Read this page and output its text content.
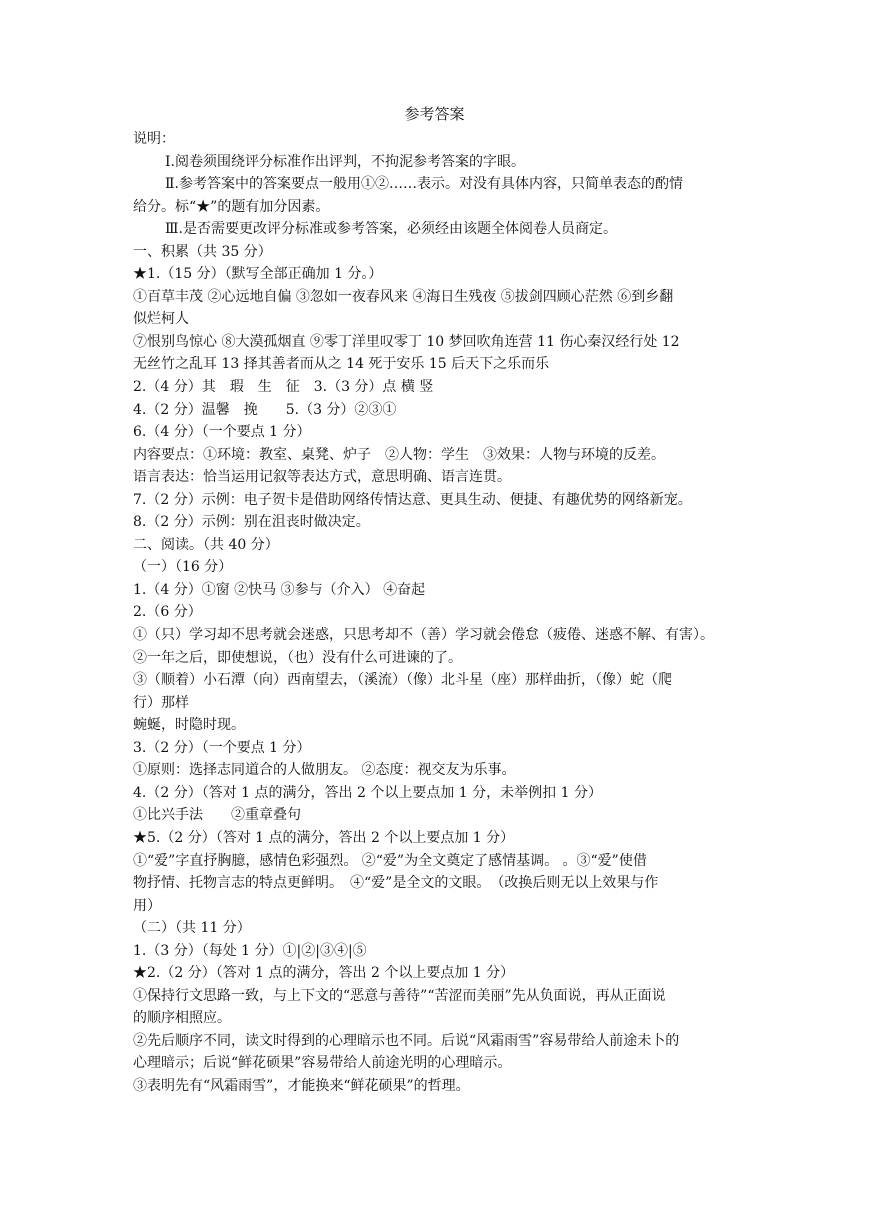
参考答案
说明：
Ⅰ.阅卷须围绕评分标准作出评判，不拘泥参考答案的字眼。
Ⅱ.参考答案中的答案要点一般用①②……表示。对没有具体内容，只简单表态的酌情
给分。标“★”的题有加分因素。
Ⅲ.是否需要更改评分标准或参考答案，必须经由该题全体阅卷人员商定。
一、积累（共 35 分）
★1.（15 分）（默写全部正确加 1 分。）
①百草丰茂 ②心远地自偏 ③忽如一夜春风来 ④海日生残夜 ⑤拔剑四顾心茫然 ⑥到乡翻
似烂柯人
⑦恨别鸟惊心 ⑧大漠孤烟直 ⑨零丁洋里叹零丁 10 梦回吹角连营 11 伤心秦汉经行处 12
无丝竹之乱耳 13 择其善者而从之 14 死于安乐 15 后天下之乐而乐
2.（4 分）其　瑕　生　征　3.（3 分）点 横 竖
4.（2 分）温馨　挽　　5.（3 分）②③①
6.（4 分）（一个要点 1 分）
内容要点：①环境：教室、桌凳、炉子　②人物：学生　③效果：人物与环境的反差。
语言表达：恰当运用记叙等表达方式，意思明确、语言连贯。
7.（2 分）示例：电子贺卡是借助网络传情达意、更具生动、便捷、有趣优势的网络新宠。
8.（2 分）示例：别在沮丧时做决定。
二、阅读。（共 40 分）
（一）（16 分）
1.（4 分）①窗 ②快马 ③参与（介入） ④奋起
2.（6 分）
①（只）学习却不思考就会迷惑，只思考却不（善）学习就会倦怠（疲倦、迷惑不解、有害）。
②一年之后，即使想说，（也）没有什么可进谏的了。
③（顺着）小石潭（向）西南望去，（溪流）（像）北斗星（座）那样曲折，（像）蛇（爬
行）那样
蜿蜒，时隐时现。
3.（2 分）（一个要点 1 分）
①原则：选择志同道合的人做朋友。 ②态度：视交友为乐事。
4.（2 分）（答对 1 点的满分，答出 2 个以上要点加 1 分，未举例扣 1 分）
①比兴手法　　②重章叠句
★5.（2 分）（答对 1 点的满分，答出 2 个以上要点加 1 分）
①“爱”字直抒胸臆，感情色彩强烈。 ②“爱”为全文奠定了感情基调。 。③“爱”使借
物抒情、托物言志的特点更鲜明。　④“爱”是全文的文眼。　（改换后则无以上效果与作
用）
（二）（共 11 分）
1.（3 分）（每处 1 分）①|②|③④|⑤
★2.（2 分）（答对 1 点的满分，答出 2 个以上要点加 1 分）
①保持行文思路一致，与上下文的“恶意与善待”“苦涩而美丽”先从负面说，再从正面说
的顺序相照应。
②先后顺序不同，读文时得到的心理暗示也不同。后说“风霜雨雪”容易带给人前途未卜的
心理暗示；后说“鲜花硕果”容易带给人前途光明的心理暗示。
③表明先有“风霜雨雪”，才能换来“鲜花硕果”的哲理。
